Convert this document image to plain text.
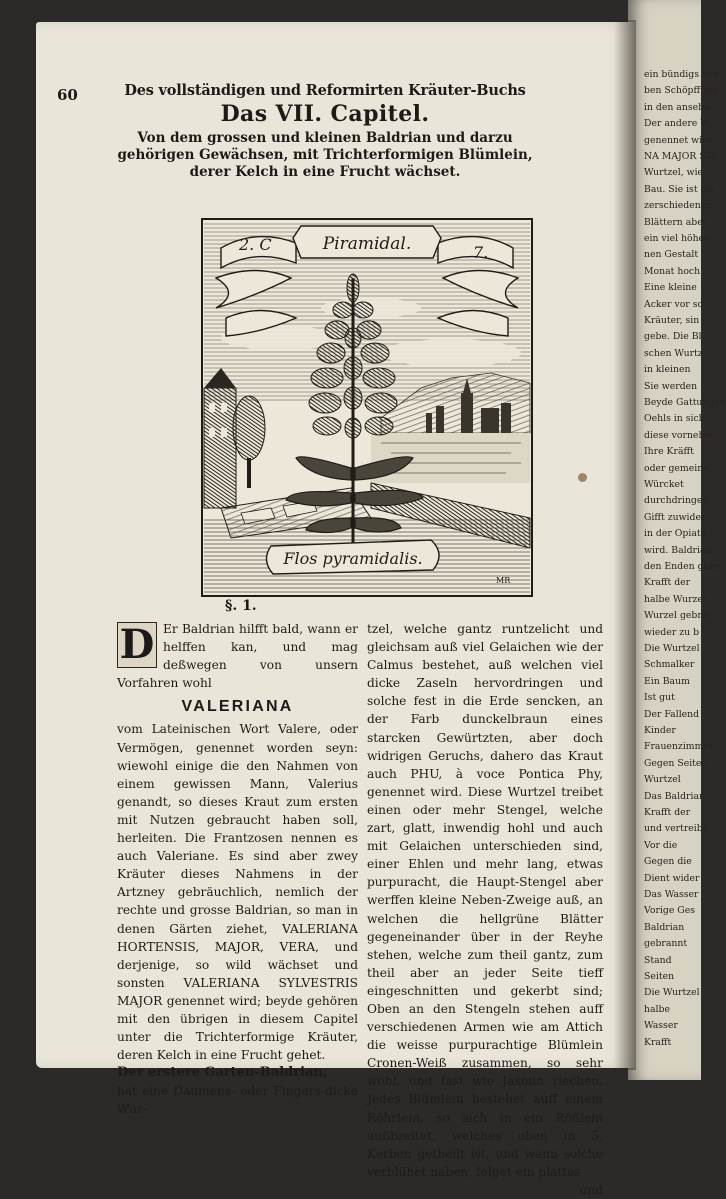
ein bündigs Sch
ben Schöpffung
in den ansehli
Der andere W
genennet wird,
NA MAJOR SYL
Wurtzel, wie
Bau. Sie ist gle
zerschiedenen
Blättern aber
ein viel höher
nen Gestalt
Monat hoch.
Eine kleine
Acker vor so
Kräuter, sin
gebe. Die Bl
schen Wurtz
in kleinen
Sie werden
Beyde Gattungen
Oehls in sich,
diese vornehm
Ihre Kräfft
oder gemeine
Würcket
durchdringen
Gifft zuwider
in der Opiata
wird. Baldrian
den Enden gebr
Krafft der
halbe Wurzel
Wurzel gebra
wieder zu b
Die Wurtzel
Schmalker
Ein Baum
Ist gut
Der Fallend
Kinder
Frauenzimmer
Gegen Seiten
Wurtzel
Das Baldrian
Krafft der
und vertreibt
Vor die
Gegen die
Dient wider
Das Wasser
Vorige Ges
Baldrian
gebrannt
Stand
Seiten
Die Wurtzel
halbe
Wasser
Krafft
60	Des vollständigen und Reformirten Kräuter-Buchs
Das VII. Capitel.
Von dem grossen und kleinen Baldrian und darzu gehörigen Gewächsen, mit Trichterformigen Blümlein, derer Kelch in eine Frucht wächset.
Piramidal.
2. C	7.
Flos pyramidalis.
MR
§. 1.
D Er Baldrian hilfft bald, wann er helffen kan, und mag deßwegen von unsern Vorfahren wohl
VALERIANA
vom Lateinischen Wort Valere, oder Vermögen, genennet worden seyn: wiewohl einige die den Nahmen von einem gewissen Mann, Valerius genandt, so dieses Kraut zum ersten mit Nutzen gebraucht haben soll, herleiten. Die Frantzosen nennen es auch Valeriane. Es sind aber zwey Kräuter dieses Nahmens in der Artzney gebräuchlich, nemlich der rechte und grosse Baldrian, so man in denen Gärten ziehet, VALERIANA HORTENSIS, MAJOR, VERA, und derjenige, so wild wächset und sonsten VALERIANA SYLVESTRIS MAJOR genennet wird; beyde gehören mit den übrigen in diesem Capitel unter die Trichterformige Kräuter, deren Kelch in eine Frucht gehet.
Der erstere Garten-Baldrian,
hat eine Daumens- oder Fingers-dicke Wur-
tzel, welche gantz runtzelicht und gleichsam auß viel Gelaichen wie der Calmus bestehet, auß welchen viel dicke Zaseln hervordringen und solche fest in die Erde sencken, an der Farb dunckelbraun eines starcken Gewürtzten, aber doch widrigen Geruchs, dahero das Kraut auch PHU, à voce Pontica Phy, genennet wird. Diese Wurtzel treibet einen oder mehr Stengel, welche zart, glatt, inwendig hohl und auch mit Gelaichen unterschieden sind, einer Ehlen und mehr lang, etwas purpuracht, die Haupt-Stengel aber werffen kleine Neben-Zweige auß, an welchen die hellgrüne Blätter gegeneinander über in der Reyhe stehen, welche zum theil gantz, zum theil aber an jeder Seite tieff eingeschnitten und gekerbt sind; Oben an den Stengeln stehen auff verschiedenen Armen wie am Attich die weisse purpurachtige Blümlein Cronen-Weiß zusammen, so sehr wohl, und fast wie Jasmin riechen. Jedes Blümlein bestehet auff einem Röhrlein, so sich in ein Rößlein außbreitet, welches oben in 5. Kerben getheilt ist, und wann solche verblühet haben, folget ein plattes
und
